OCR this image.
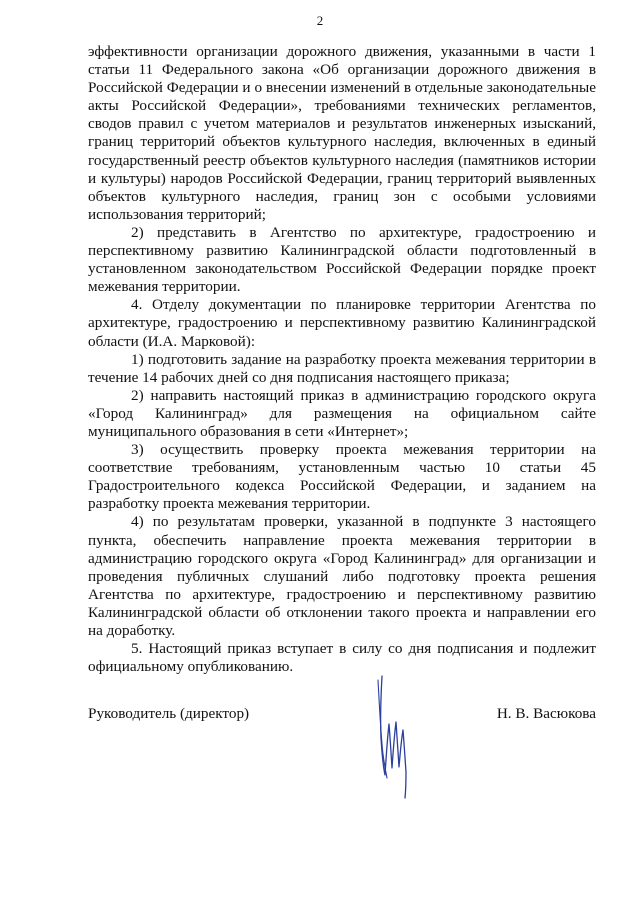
2

эффективности организации дорожного движения, указанными в части 1 статьи 11 Федерального закона «Об организации дорожного движения в Российской Федерации и о внесении изменений в отдельные законодательные акты Российской Федерации», требованиями технических регламентов, сводов правил с учетом материалов и результатов инженерных изысканий, границ территорий объектов культурного наследия, включенных в единый государственный реестр объектов культурного наследия (памятников истории и культуры) народов Российской Федерации, границ территорий выявленных объектов культурного наследия, границ зон с особыми условиями использования территорий;

2) представить в Агентство по архитектуре, градостроению и перспективному развитию Калининградской области подготовленный в установленном законодательством Российской Федерации порядке проект межевания территории.

4. Отделу документации по планировке территории Агентства по архитектуре, градостроению и перспективному развитию Калининградской области (И.А. Марковой):

1) подготовить задание на разработку проекта межевания территории в течение 14 рабочих дней со дня подписания настоящего приказа;

2) направить настоящий приказ в администрацию городского округа «Город Калининград» для размещения на официальном сайте муниципального образования в сети «Интернет»;

3) осуществить проверку проекта межевания территории на соответствие требованиям, установленным частью 10 статьи 45 Градостроительного кодекса Российской Федерации, и заданием на разработку проекта межевания территории.

4) по результатам проверки, указанной в подпункте 3 настоящего пункта, обеспечить направление проекта межевания территории в администрацию городского округа «Город Калининград» для организации и проведения публичных слушаний либо подготовку проекта решения Агентства по архитектуре, градостроению и перспективному развитию Калининградской области об отклонении такого проекта и направлении его на доработку.

5. Настоящий приказ вступает в силу со дня подписания и подлежит официальному опубликованию.

Руководитель (директор)	Н. В. Васюкова
